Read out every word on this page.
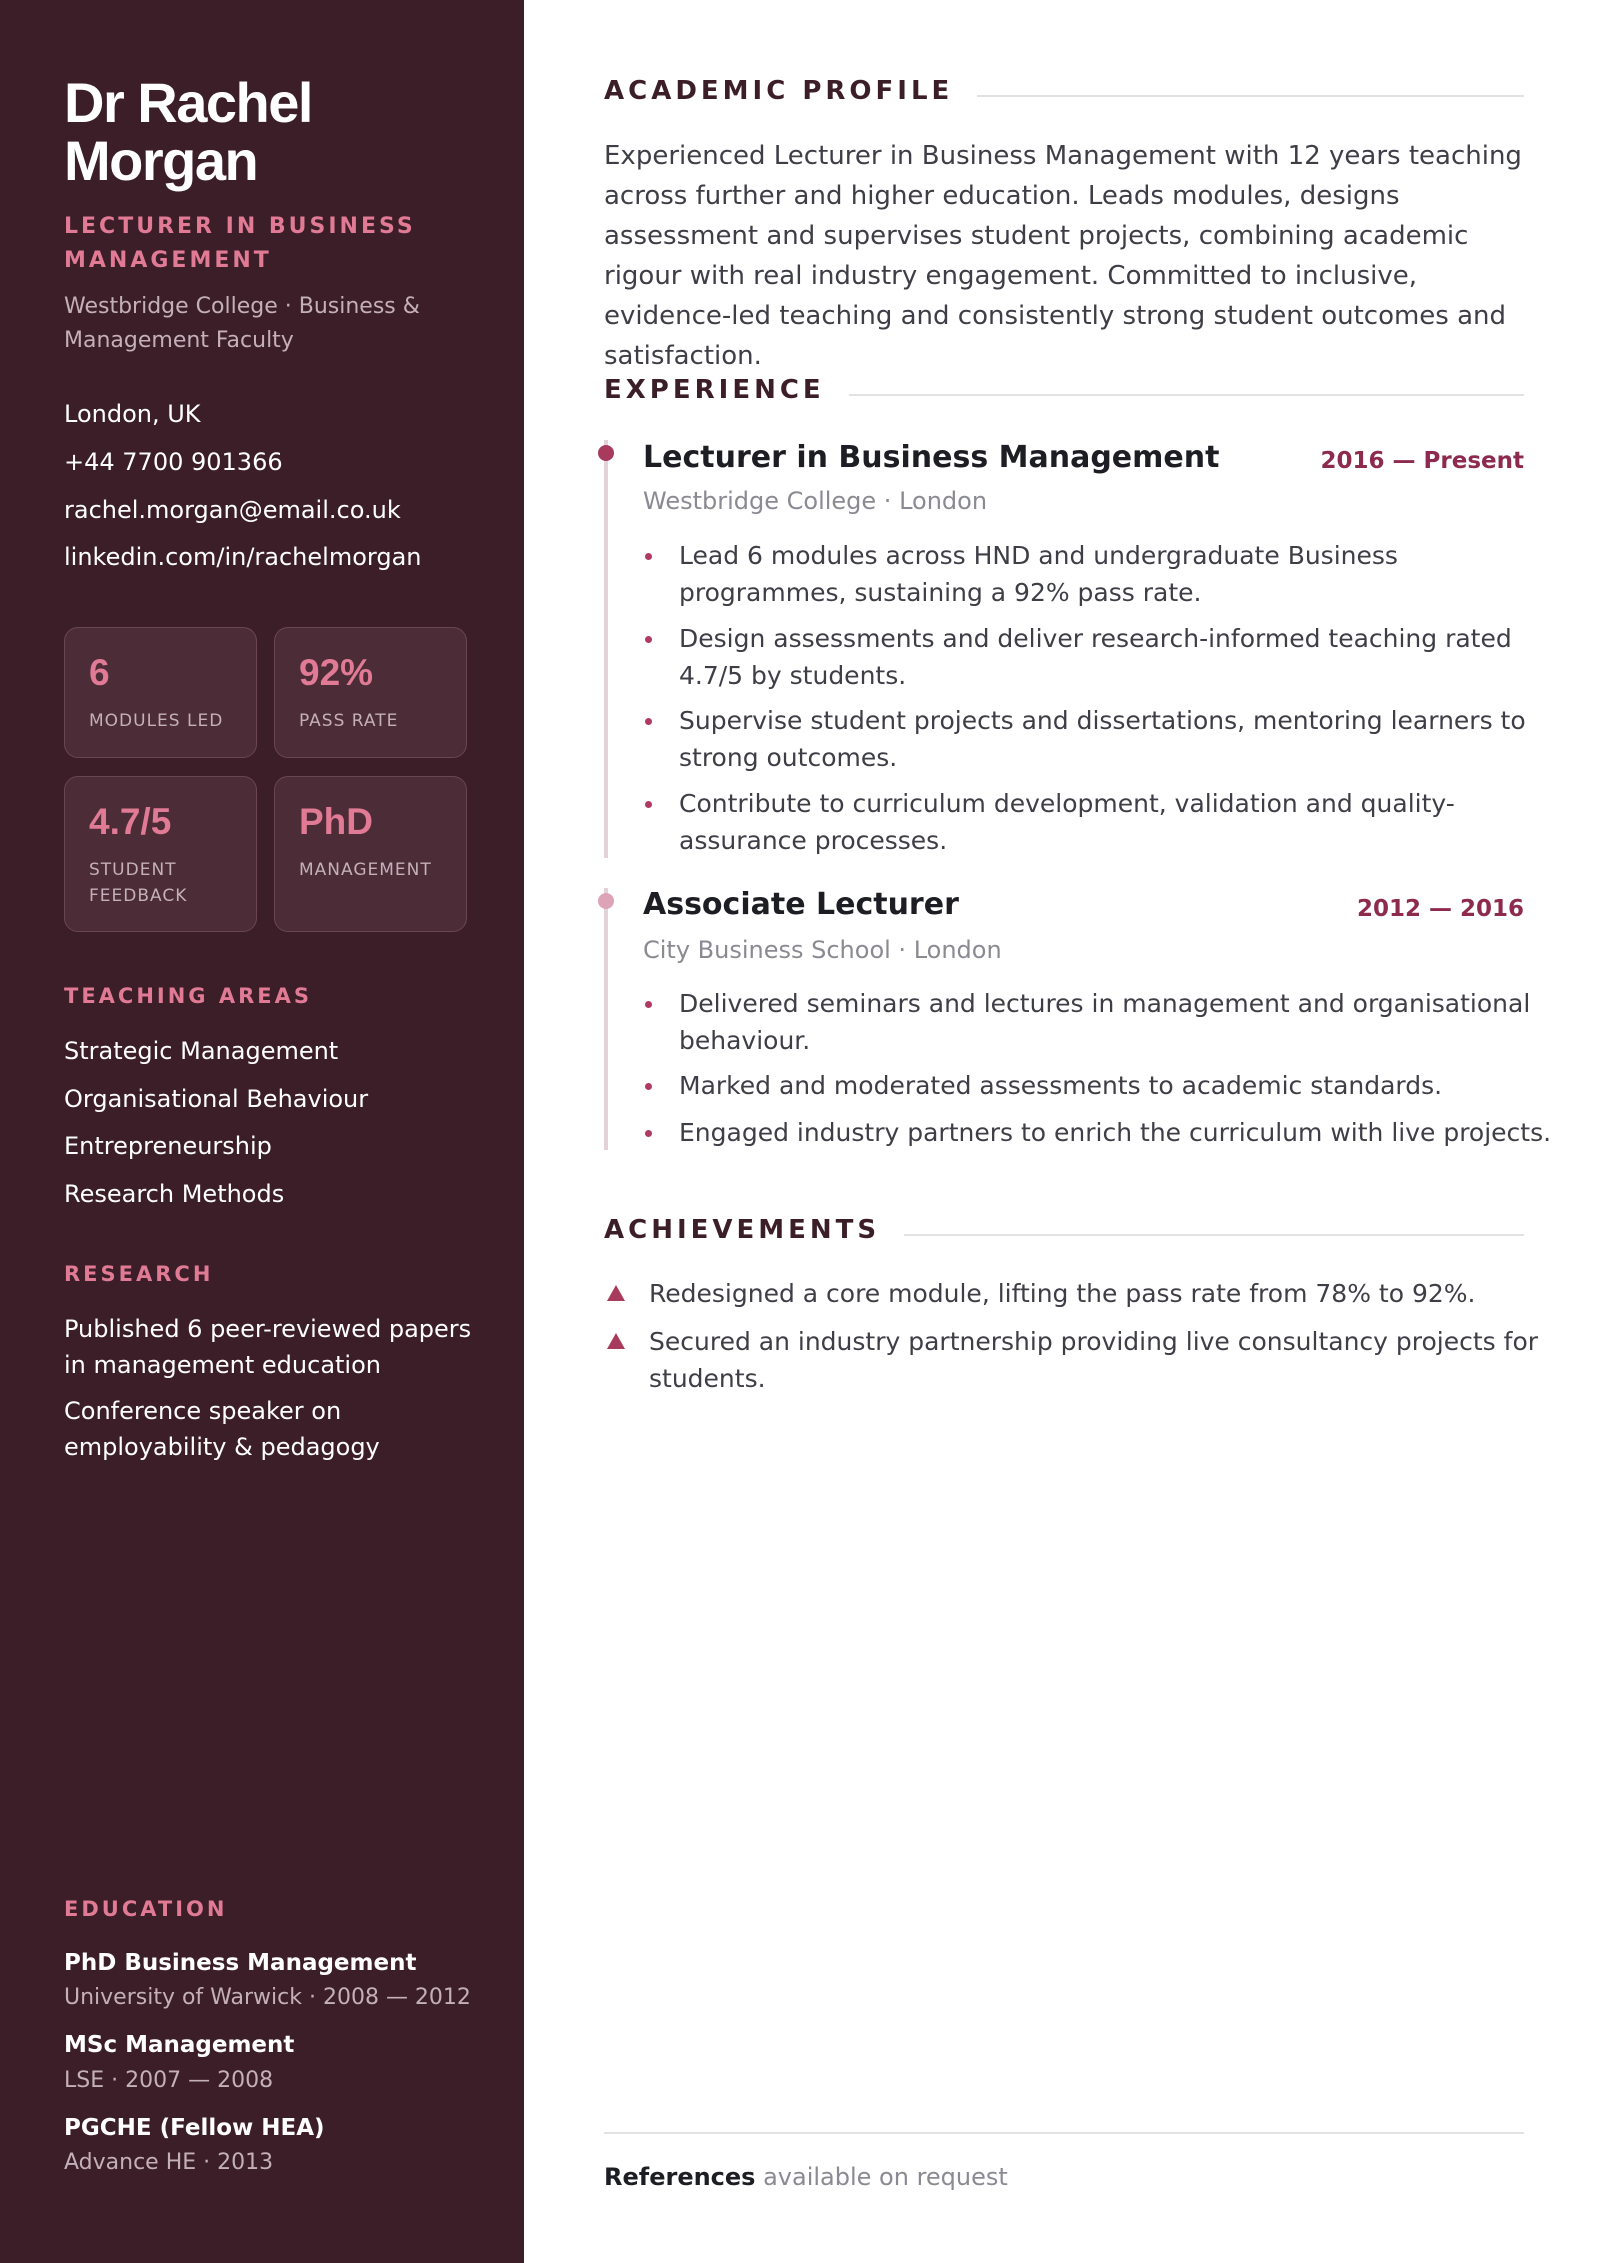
Dr Rachel Morgan
LECTURER IN BUSINESS MANAGEMENT
Westbridge College · Business & Management Faculty
London, UK
+44 7700 901366
rachel.morgan@email.co.uk
linkedin.com/in/rachelmorgan
6
MODULES LED
92%
PASS RATE
4.7/5
STUDENT FEEDBACK
PhD
MANAGEMENT
TEACHING AREAS
Strategic Management
Organisational Behaviour
Entrepreneurship
Research Methods
RESEARCH
Published 6 peer-reviewed papers in management education
Conference speaker on employability & pedagogy
EDUCATION
PhD Business Management
University of Warwick · 2008 — 2012
MSc Management
LSE · 2007 — 2008
PGCHE (Fellow HEA)
Advance HE · 2013
ACADEMIC PROFILE
Experienced Lecturer in Business Management with 12 years teaching across further and higher education. Leads modules, designs assessment and supervises student projects, combining academic rigour with real industry engagement. Committed to inclusive, evidence-led teaching and consistently strong student outcomes and satisfaction.
EXPERIENCE
Lecturer in Business Management	2016 — Present
Westbridge College · London
Lead 6 modules across HND and undergraduate Business programmes, sustaining a 92% pass rate.
Design assessments and deliver research-informed teaching rated 4.7/5 by students.
Supervise student projects and dissertations, mentoring learners to strong outcomes.
Contribute to curriculum development, validation and quality-assurance processes.
Associate Lecturer	2012 — 2016
City Business School · London
Delivered seminars and lectures in management and organisational behaviour.
Marked and moderated assessments to academic standards.
Engaged industry partners to enrich the curriculum with live projects.
ACHIEVEMENTS
Redesigned a core module, lifting the pass rate from 78% to 92%.
Secured an industry partnership providing live consultancy projects for students.
References available on request
